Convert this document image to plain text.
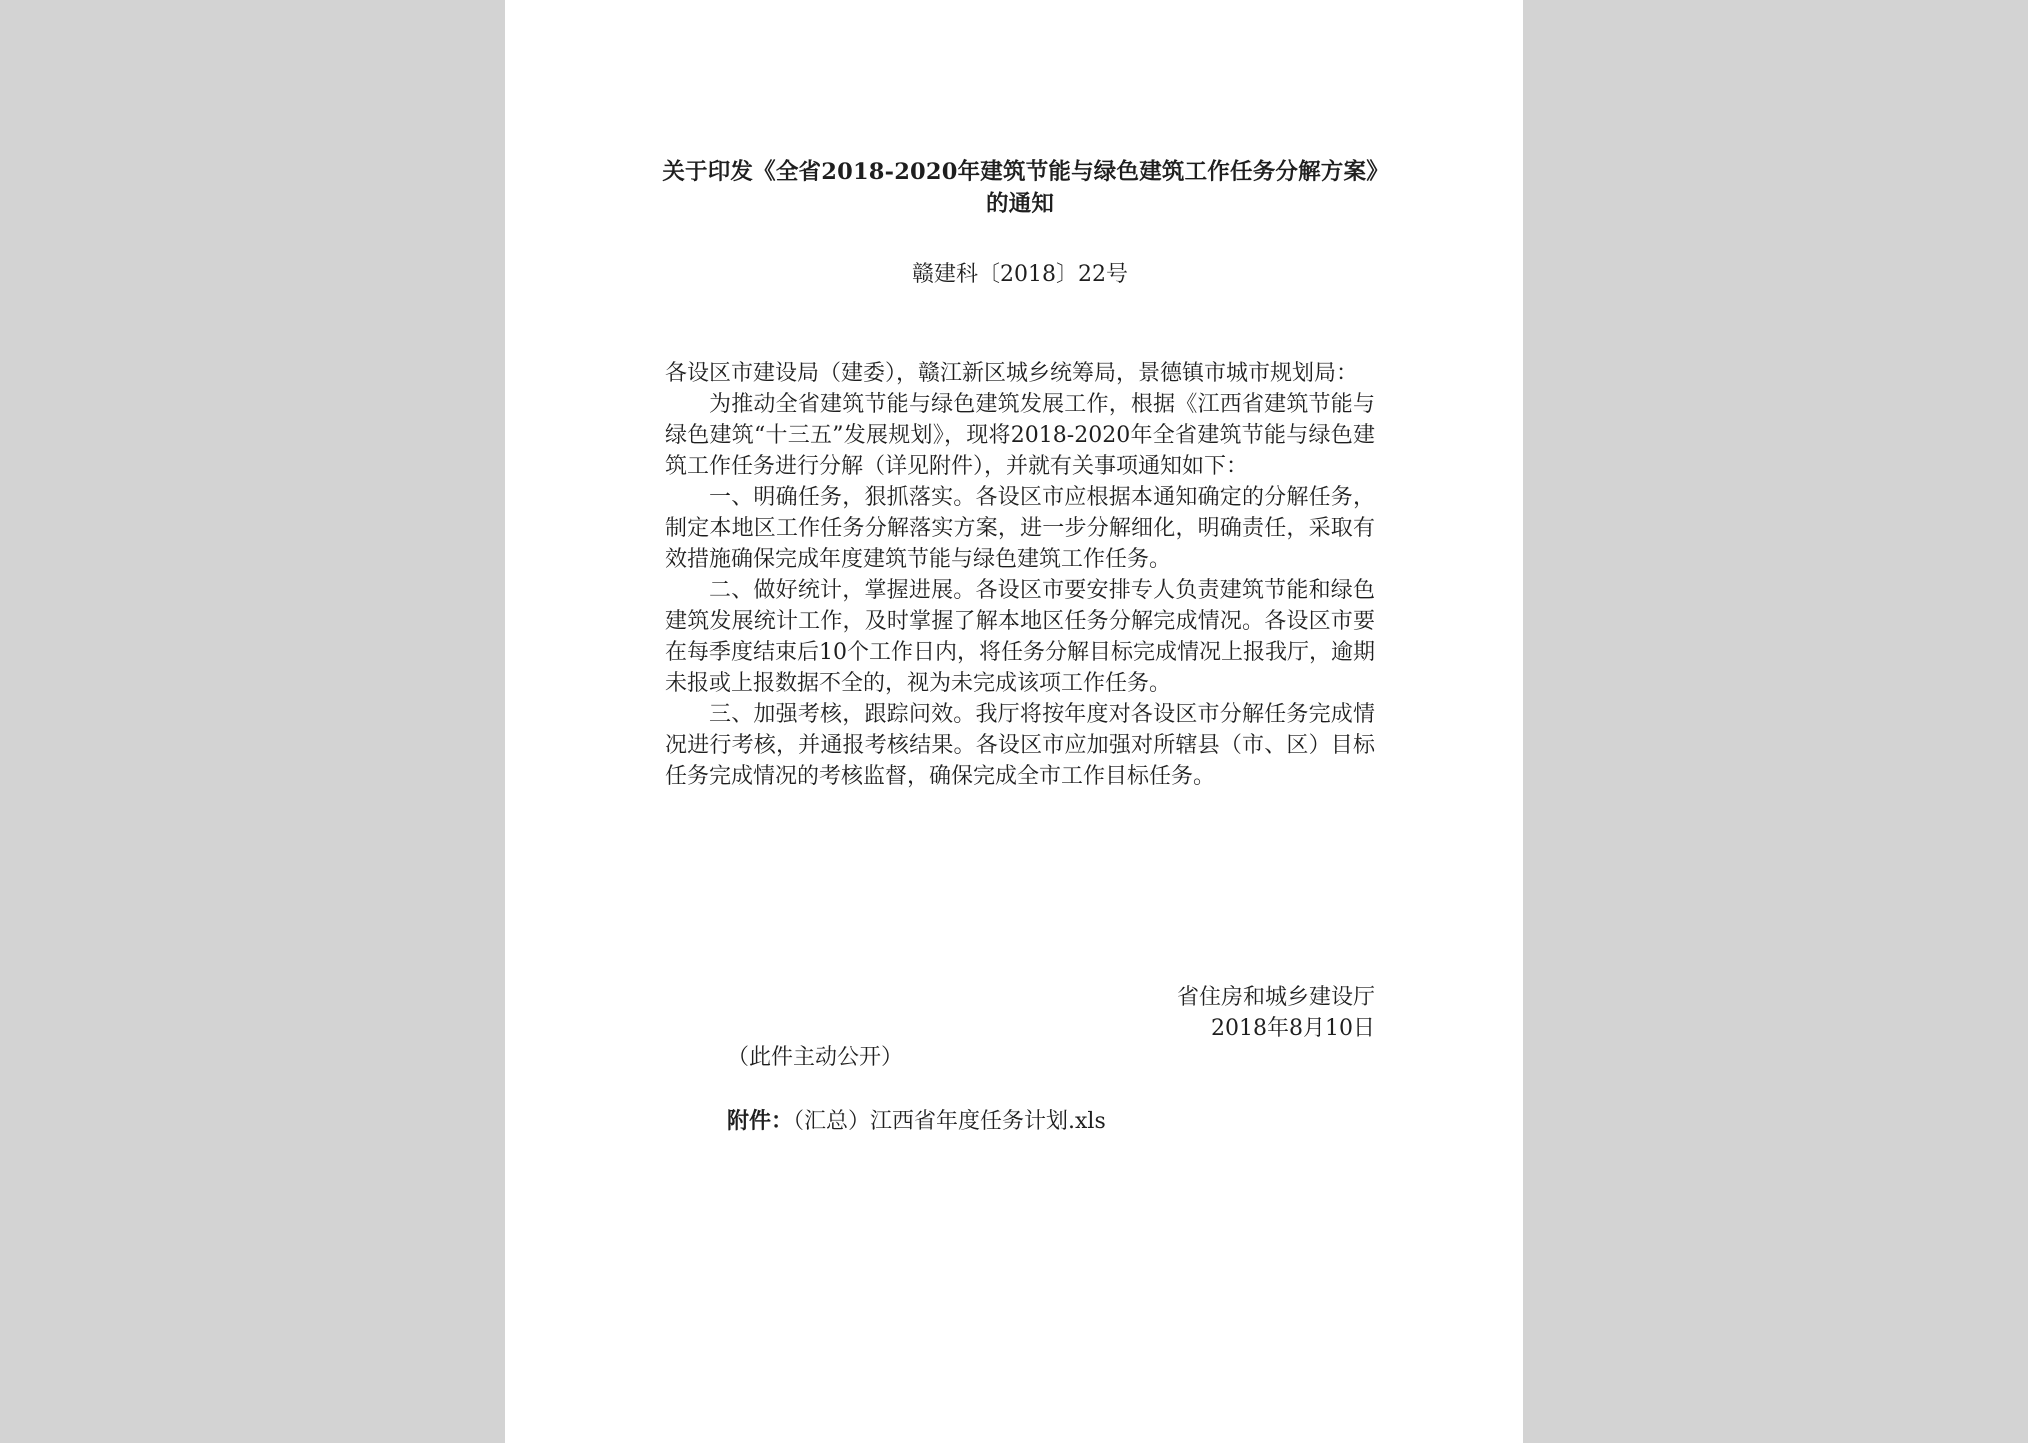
关于印发《全省2018-2020年建筑节能与绿色建筑工作任务分解方案》的通知
赣建科〔2018〕22号

各设区市建设局（建委），赣江新区城乡统筹局，景德镇市城市规划局：

为推动全省建筑节能与绿色建筑发展工作，根据《江西省建筑节能与绿色建筑“十三五”发展规划》，现将2018-2020年全省建筑节能与绿色建筑工作任务进行分解（详见附件），并就有关事项通知如下：

一、明确任务，狠抓落实。各设区市应根据本通知确定的分解任务，制定本地区工作任务分解落实方案，进一步分解细化，明确责任，采取有效措施确保完成年度建筑节能与绿色建筑工作任务。

二、做好统计，掌握进展。各设区市要安排专人负责建筑节能和绿色建筑发展统计工作，及时掌握了解本地区任务分解完成情况。各设区市要在每季度结束后10个工作日内，将任务分解目标完成情况上报我厅，逾期未报或上报数据不全的，视为未完成该项工作任务。

三、加强考核，跟踪问效。我厅将按年度对各设区市分解任务完成情况进行考核，并通报考核结果。各设区市应加强对所辖县（市、区）目标任务完成情况的考核监督，确保完成全市工作目标任务。

省住房和城乡建设厅
2018年8月10日
（此件主动公开）
附件：（汇总）江西省年度任务计划.xls
